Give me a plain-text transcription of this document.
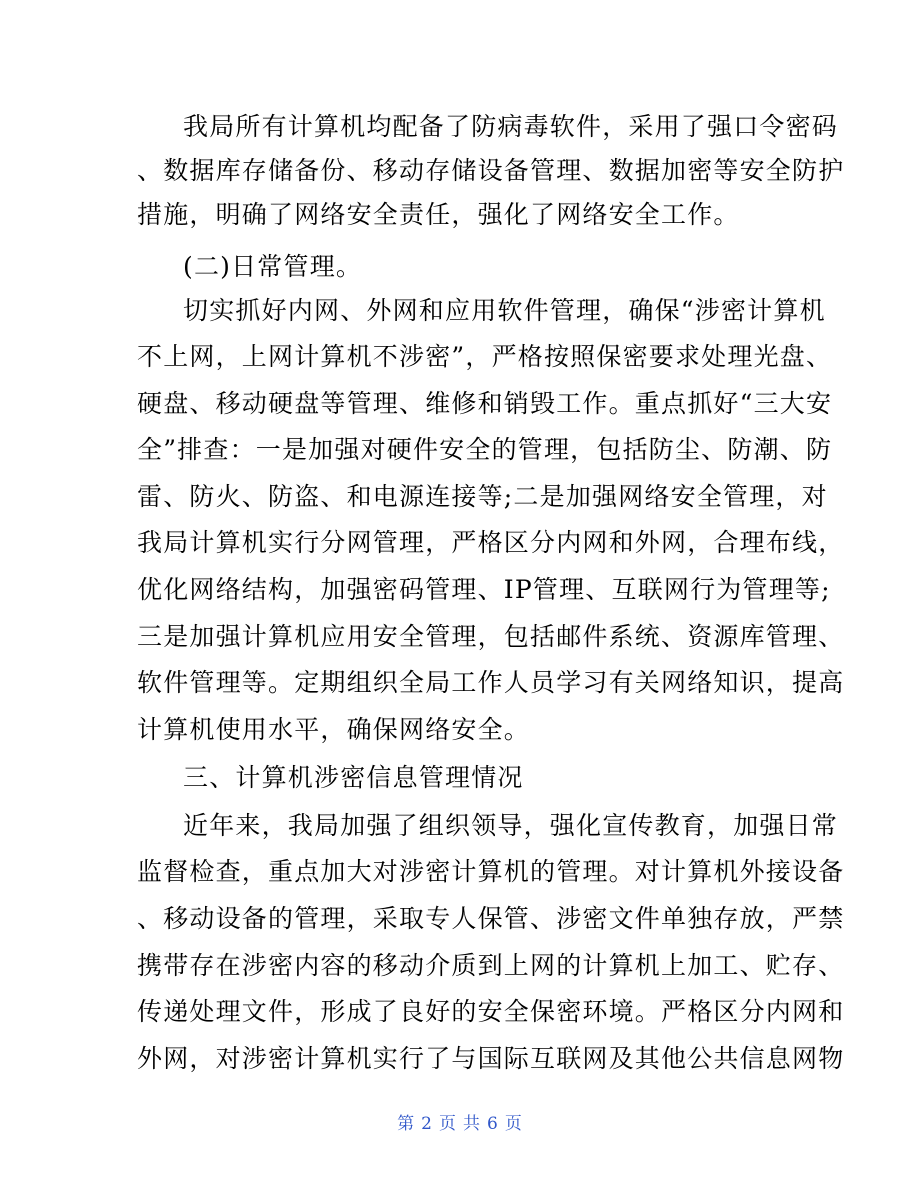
我局所有计算机均配备了防病毒软件，采用了强口令密码
、数据库存储备份、移动存储设备管理、数据加密等安全防护
措施，明确了网络安全责任，强化了网络安全工作。
(二)日常管理。
切实抓好内网、外网和应用软件管理，确保“涉密计算机
不上网，上网计算机不涉密”，严格按照保密要求处理光盘、
硬盘、移动硬盘等管理、维修和销毁工作。重点抓好“三大安
全”排查：一是加强对硬件安全的管理，包括防尘、防潮、防
雷、防火、防盗、和电源连接等;二是加强网络安全管理，对
我局计算机实行分网管理，严格区分内网和外网，合理布线，
优化网络结构，加强密码管理、IP管理、互联网行为管理等;
三是加强计算机应用安全管理，包括邮件系统、资源库管理、
软件管理等。定期组织全局工作人员学习有关网络知识，提高
计算机使用水平，确保网络安全。
三、计算机涉密信息管理情况
近年来，我局加强了组织领导，强化宣传教育，加强日常
监督检查，重点加大对涉密计算机的管理。对计算机外接设备
、移动设备的管理，采取专人保管、涉密文件单独存放，严禁
携带存在涉密内容的移动介质到上网的计算机上加工、贮存、
传递处理文件，形成了良好的安全保密环境。严格区分内网和
外网，对涉密计算机实行了与国际互联网及其他公共信息网物
第 2 页 共 6 页
